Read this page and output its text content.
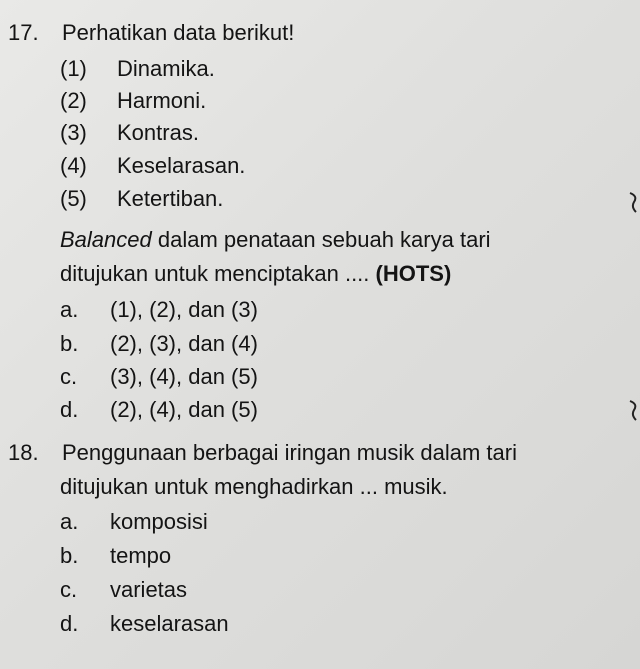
17. Perhatikan data berikut!
(1) Dinamika.
(2) Harmoni.
(3) Kontras.
(4) Keselarasan.
(5) Ketertiban.
Balanced dalam penataan sebuah karya tari
ditujukan untuk menciptakan .... (HOTS)
a. (1), (2), dan (3)
b. (2), (3), dan (4)
c. (3), (4), dan (5)
d. (2), (4), dan (5)
18. Penggunaan berbagai iringan musik dalam tari
ditujukan untuk menghadirkan ... musik.
a. komposisi
b. tempo
c. varietas
d. keselarasan
